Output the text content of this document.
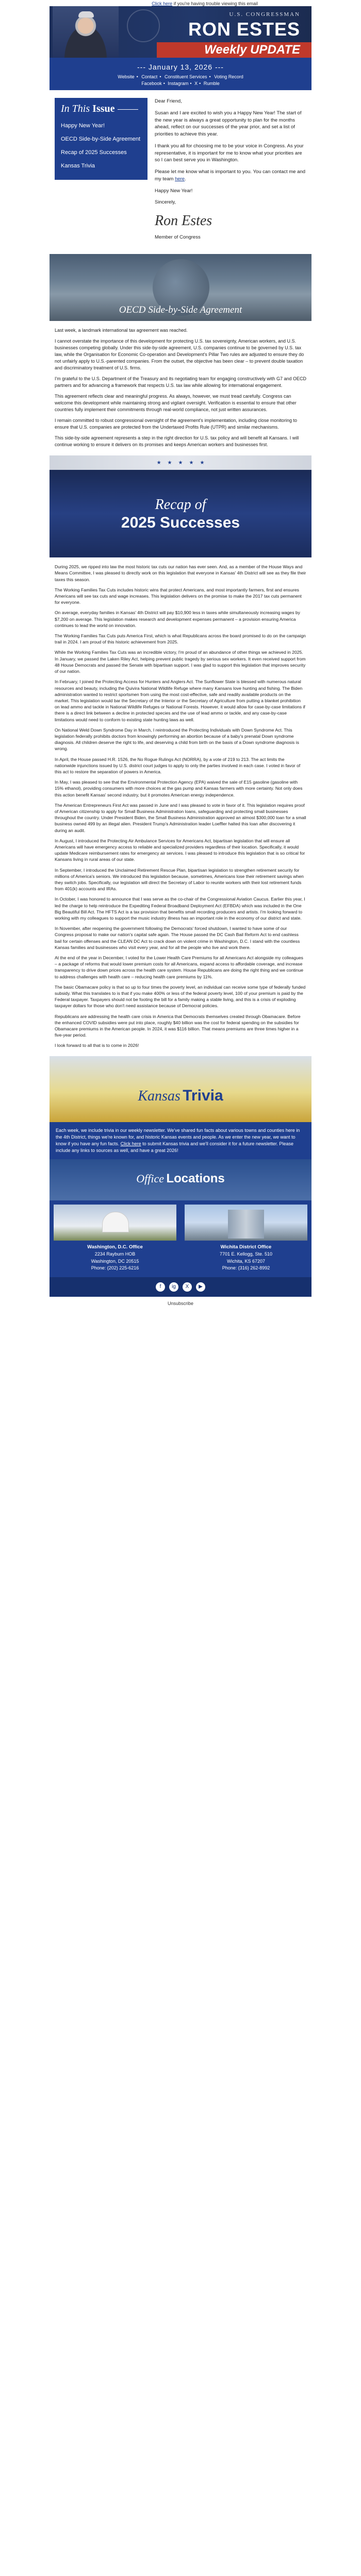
Click here if you're having trouble viewing this email
U.S. CONGRESSMAN
RON ESTES
Weekly UPDATE
--- January 13, 2026 ---
Website • Contact • Constituent Services • Voting Record
Facebook • Instagram • X • Rumble
In This Issue
Happy New Year!
OECD Side-by-Side Agreement
Recap of 2025 Successes
Kansas Trivia

Dear Friend,

Susan and I are excited to wish you a Happy New Year! The start of the new year is always a great opportunity to plan for the months ahead, reflect on our successes of the year prior, and set a list of priorities to achieve this year.

I thank you all for choosing me to be your voice in Congress. As your representative, it is important for me to know what your priorities are so I can best serve you in Washington.

Please let me know what is important to you. You can contact me and my team here.

Happy New Year!

Sincerely,

Ron Estes

Member of Congress

OECD Side-by-Side Agreement

Last week, a landmark international tax agreement was reached.

I cannot overstate the importance of this development for protecting U.S. tax sovereignty, American workers, and U.S. businesses competing globally. Under this side-by-side agreement, U.S. companies continue to be governed by U.S. tax law, while the Organisation for Economic Co-operation and Development's Pillar Two rules are adjusted to ensure they do not unfairly apply to U.S.-parented companies. From the outset, the objective has been clear – to prevent double taxation and discriminatory treatment of U.S. firms.

I'm grateful to the U.S. Department of the Treasury and its negotiating team for engaging constructively with G7 and OECD partners and for advancing a framework that respects U.S. tax law while allowing for international engagement.

This agreement reflects clear and meaningful progress. As always, however, we must tread carefully. Congress can welcome this development while maintaining strong and vigilant oversight. Verification is essential to ensure that other countries fully implement their commitments through real-world compliance, not just written assurances.

I remain committed to robust congressional oversight of the agreement's implementation, including close monitoring to ensure that U.S. companies are protected from the Undertaxed Profits Rule (UTPR) and similar mechanisms.

This side-by-side agreement represents a step in the right direction for U.S. tax policy and will benefit all Kansans. I will continue working to ensure it delivers on its promises and keeps American workers and businesses first.

★ ★ ★ ★ ★
Recap of
2025 Successes

During 2025, we ripped into law the most historic tax cuts our nation has ever seen. And, as a member of the House Ways and Means Committee, I was pleased to directly work on this legislation that everyone in Kansas' 4th District will see as they file their taxes this season.

The Working Families Tax Cuts includes historic wins that protect Americans, and most importantly farmers, first and ensures Americans will see tax cuts and wage increases. This legislation delivers on the promise to make the 2017 tax cuts permanent for everyone.

On average, everyday families in Kansas' 4th District will pay $10,900 less in taxes while simultaneously increasing wages by $7,200 on average. This legislation makes research and development expenses permanent – a provision ensuring America continues to lead the world on innovation.

The Working Families Tax Cuts puts America First, which is what Republicans across the board promised to do on the campaign trail in 2024. I am proud of this historic achievement from 2025.

While the Working Families Tax Cuts was an incredible victory, I'm proud of an abundance of other things we achieved in 2025. In January, we passed the Laken Riley Act, helping prevent public tragedy by serious sex workers. It even received support from 48 House Democrats and passed the Senate with bipartisan support. I was glad to support this legislation that improves security of our nation.

In February, I joined the Protecting Access for Hunters and Anglers Act. The Sunflower State is blessed with numerous natural resources and beauty, including the Quivira National Wildlife Refuge where many Kansans love hunting and fishing. The Biden administration wanted to restrict sportsmen from using the most cost-effective, safe and readily available products on the market. This legislation would bar the Secretary of the Interior or the Secretary of Agriculture from putting a blanket prohibition on lead ammo and tackle in National Wildlife Refuges or National Forests. However, it would allow for case-by-case limitations if there is a direct link between a decline in protected species and the use of lead ammo or tackle, and any case-by-case limitations would need to conform to existing state hunting laws as well.

On National Weld Down Syndrome Day in March, I reintroduced the Protecting Individuals with Down Syndrome Act. This legislation federally prohibits doctors from knowingly performing an abortion because of a baby's prenatal Down syndrome diagnosis. All children deserve the right to life, and deserving a child from birth on the basis of a Down syndrome diagnosis is wrong.

In April, the House passed H.R. 1526, the No Rogue Rulings Act (NORRA), by a vote of 219 to 213. The act limits the nationwide injunctions issued by U.S. district court judges to apply to only the parties involved in each case. I voted in favor of this act to restore the separation of powers in America.

In May, I was pleased to see that the Environmental Protection Agency (EPA) waived the sale of E15 gasoline (gasoline with 15% ethanol), providing consumers with more choices at the gas pump and Kansas farmers with more certainty. Not only does this action benefit Kansas' second industry, but it promotes American energy independence.

The American Entrepreneurs First Act was passed in June and I was pleased to vote in favor of it. This legislation requires proof of American citizenship to apply for Small Business Administration loans, safeguarding and protecting small businesses throughout the country. Under President Biden, the Small Business Administration approved an almost $300,000 loan for a small business owned 499 by an illegal alien. President Trump's Administration leader Loeffler halted this loan after discovering it during an audit.

In August, I introduced the Protecting Air Ambulance Services for Americans Act, bipartisan legislation that will ensure all Americans will have emergency access to reliable and specialized providers regardless of their location. Specifically, it would update Medicare reimbursement rates for emergency air services. I was pleased to introduce this legislation that is so critical for Kansans living in rural areas of our state.

In September, I introduced the Unclaimed Retirement Rescue Plan, bipartisan legislation to strengthen retirement security for millions of America's seniors. We introduced this legislation because, sometimes, Americans lose their retirement savings when they switch jobs. Specifically, our legislation will direct the Secretary of Labor to reunite workers with their lost retirement funds from 401(k) accounts and IRAs.

In October, I was honored to announce that I was serve as the co-chair of the Congressional Aviation Caucus. Earlier this year, I led the charge to help reintroduce the Expediting Federal Broadband Deployment Act (EFBDA) which was included in the One Big Beautiful Bill Act. The HFTS Act is a tax provision that benefits small recording producers and artists. I'm looking forward to working with my colleagues to support the music industry illness has an important role in the economy of our district and state.

In November, after reopening the government following the Democrats' forced shutdown, I wanted to have some of our Congress proposal to make our nation's capital safe again. The House passed the DC Cash Bail Reform Act to end cashless bail for certain offenses and the CLEAN DC Act to crack down on violent crime in Washington, D.C. I stand with the countless Kansas families and businesses who visit every year, and for all the people who live and work there.

At the end of the year in December, I voted for the Lower Health Care Premiums for all Americans Act alongside my colleagues – a package of reforms that would lower premium costs for all Americans, expand access to affordable coverage, and increase transparency to drive down prices across the health care system. House Republicans are doing the right thing and we continue to address challenges with health care – reducing health care premiums by 11%.

The basic Obamacare policy is that so up to four times the poverty level, an individual can receive some type of federally funded subsidy. What this translates to is that if you make 400% or less of the federal poverty level, 100 of your premium is paid by the Federal taxpayer. Taxpayers should not be footing the bill for a family making a stable living, and this is a crisis of exploding taxpayer dollars for those who don't need assistance because of Democrat policies.

Republicans are addressing the health care crisis in America that Democrats themselves created through Obamacare. Before the enhanced COVID subsidies were put into place, roughly $40 billion was the cost for federal spending on the subsidies for Obamacare premiums in the American people. In 2024, it was $116 billion. That means premiums are three times higher in a five-year period.

I look forward to all that is to come in 2026!

Kansas Trivia
Each week, we include trivia in our weekly newsletter. We've shared fun facts about various towns and counties here in the 4th District, things we're known for, and historic Kansas events and people. As we enter the new year, we want to know if you have any fun facts. Click here to submit Kansas trivia and we'll consider it for a future newsletter. Please include any links to sources as well, and have a great 2026!
Office Locations
Washington, D.C. Office
2234 Rayburn HOB
Washington, DC 20515
Phone: (202) 225-6216
Wichita District Office
7701 E. Kellogg, Ste. 510
Wichita, KS 67207
Phone: (316) 262-8992
f ig X ▶
Unsubscribe
